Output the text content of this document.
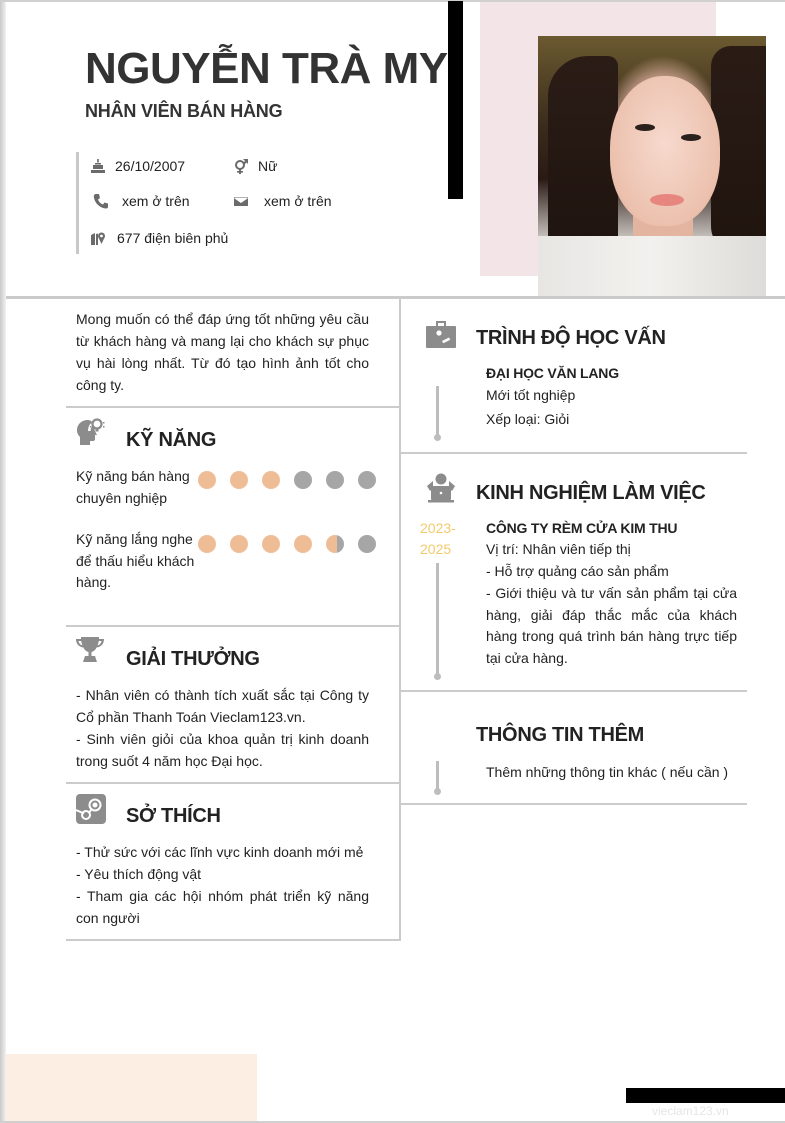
NGUYỄN TRÀ MY
NHÂN VIÊN BÁN HÀNG
26/10/2007	Nữ
xem ở trên	xem ở trên
677 điện biên phủ
Mong muốn có thể đáp ứng tốt những yêu cầu từ khách hàng và mang lại cho khách sự phục vụ hài lòng nhất. Từ đó tạo hình ảnh tốt cho công ty.
KỸ NĂNG
Kỹ năng bán hàng chuyên nghiệp
Kỹ năng lắng nghe để thấu hiểu khách hàng.
GIẢI THƯỞNG
- Nhân viên có thành tích xuất sắc tại Công ty Cổ phần Thanh Toán Vieclam123.vn.
- Sinh viên giỏi của khoa quản trị kinh doanh trong suốt 4 năm học Đại học.
SỞ THÍCH
- Thử sức với các lĩnh vực kinh doanh mới mẻ
- Yêu thích động vật
- Tham gia các hội nhóm phát triển kỹ năng con người
TRÌNH ĐỘ HỌC VẤN
ĐẠI HỌC VĂN LANG
Mới tốt nghiệp
Xếp loại: Giỏi
KINH NGHIỆM LÀM VIỆC
2023-
2025
CÔNG TY RÈM CỬA KIM THU
Vị trí: Nhân viên tiếp thị
- Hỗ trợ quảng cáo sản phẩm
- Giới thiệu và tư vấn sản phẩm tại cửa hàng, giải đáp thắc mắc của khách hàng trong quá trình bán hàng trực tiếp tại cửa hàng.
THÔNG TIN THÊM
Thêm những thông tin khác ( nếu cần )
vieclam123.vn
